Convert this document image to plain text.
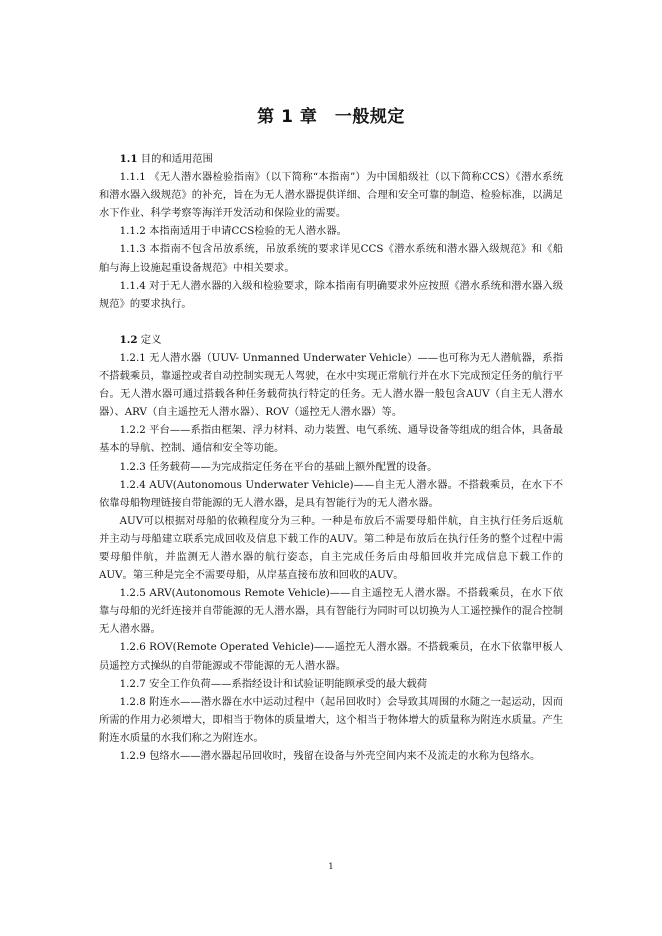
第 1 章　一般规定

1.1 目的和适用范围

1.1.1 《无人潜水器检验指南》（以下简称“本指南”）为中国船级社（以下简称CCS）《潜水系统和潜水器入级规范》的补充，旨在为无人潜水器提供详细、合理和安全可靠的制造、检验标准，以满足水下作业、科学考察等海洋开发活动和保险业的需要。

1.1.2 本指南适用于申请CCS检验的无人潜水器。

1.1.3 本指南不包含吊放系统，吊放系统的要求详见CCS《潜水系统和潜水器入级规范》和《船舶与海上设施起重设备规范》中相关要求。

1.1.4 对于无人潜水器的入级和检验要求，除本指南有明确要求外应按照《潜水系统和潜水器入级规范》的要求执行。

1.2 定义

1.2.1 无人潜水器（UUV- Unmanned Underwater Vehicle）——也可称为无人潜航器，系指不搭载乘员，靠遥控或者自动控制实现无人驾驶，在水中实现正常航行并在水下完成预定任务的航行平台。无人潜水器可通过搭载各种任务载荷执行特定的任务。无人潜水器一般包含AUV（自主无人潜水器）、ARV（自主遥控无人潜水器）、ROV（遥控无人潜水器）等。

1.2.2 平台——系指由框架、浮力材料、动力装置、电气系统、通导设备等组成的组合体，具备最基本的导航、控制、通信和安全等功能。

1.2.3 任务载荷——为完成指定任务在平台的基础上额外配置的设备。

1.2.4 AUV(Autonomous Underwater Vehicle)——自主无人潜水器。不搭载乘员，在水下不依靠母船物理链接自带能源的无人潜水器，是具有智能行为的无人潜水器。

AUV可以根据对母船的依赖程度分为三种。一种是布放后不需要母船伴航，自主执行任务后返航并主动与母船建立联系完成回收及信息下载工作的AUV。第二种是布放后在执行任务的整个过程中需要母船伴航，并监测无人潜水器的航行姿态，自主完成任务后由母船回收并完成信息下载工作的AUV。第三种是完全不需要母船，从岸基直接布放和回收的AUV。

1.2.5 ARV(Autonomous Remote Vehicle)——自主遥控无人潜水器。不搭载乘员，在水下依靠与母船的光纤连接并自带能源的无人潜水器，具有智能行为同时可以切换为人工遥控操作的混合控制无人潜水器。

1.2.6 ROV(Remote Operated Vehicle)——遥控无人潜水器。不搭载乘员，在水下依靠甲板人员遥控方式操纵的自带能源或不带能源的无人潜水器。

1.2.7 安全工作负荷——系指经设计和试验证明能顾承受的最大载荷

1.2.8 附连水——潜水器在水中运动过程中（起吊回收时）会导致其周围的水随之一起运动，因而所需的作用力必须增大，即相当于物体的质量增大，这个相当于物体增大的质量称为附连水质量。产生附连水质量的水我们称之为附连水。

1.2.9 包络水——潜水器起吊回收时，残留在设备与外壳空间内来不及流走的水称为包络水。

1
